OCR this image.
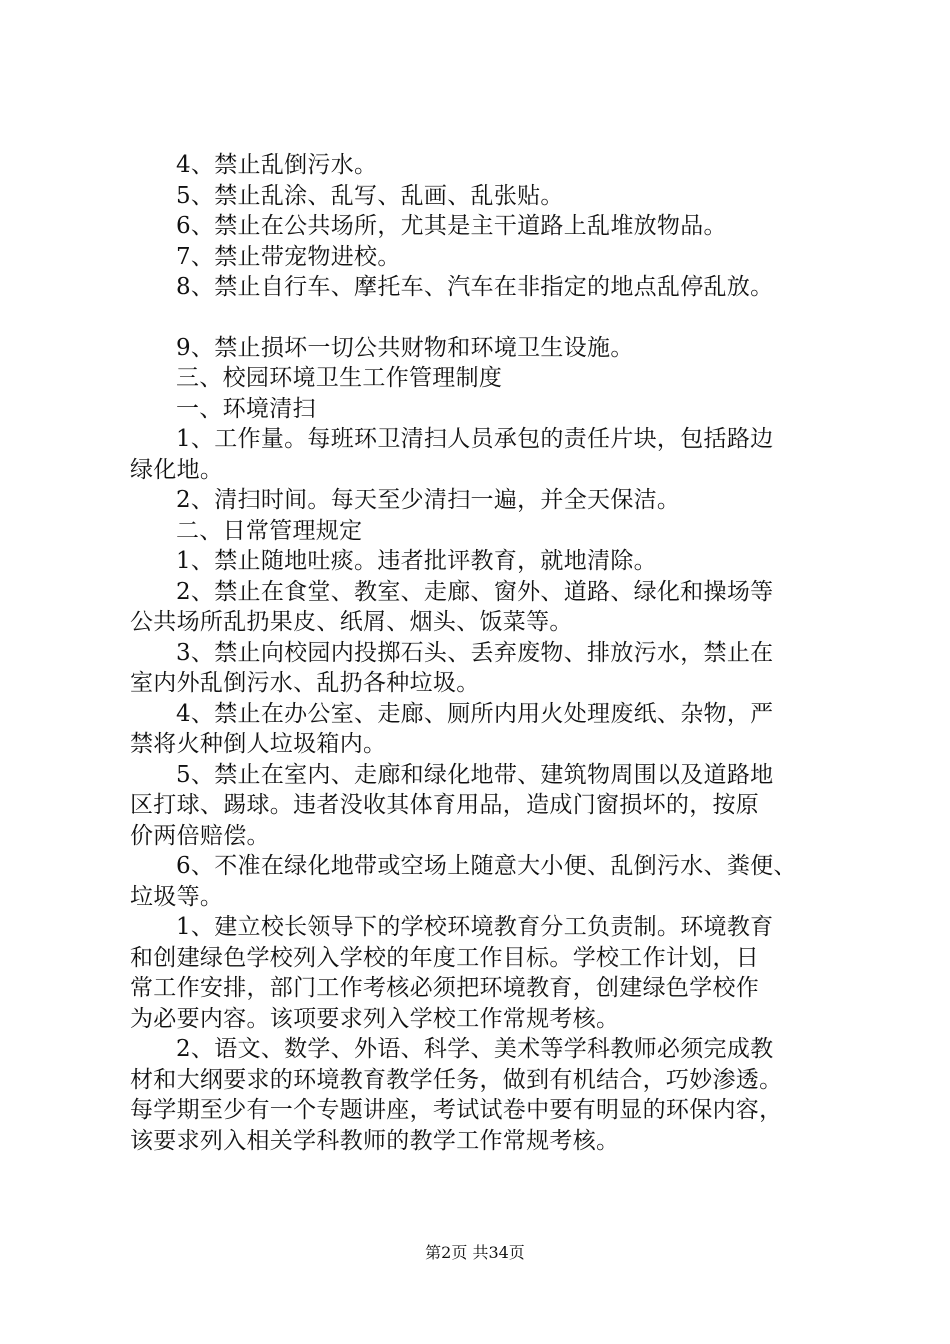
4、禁止乱倒污水。
5、禁止乱涂、乱写、乱画、乱张贴。
6、禁止在公共场所，尤其是主干道路上乱堆放物品。
7、禁止带宠物进校。
8、禁止自行车、摩托车、汽车在非指定的地点乱停乱放。
9、禁止损坏一切公共财物和环境卫生设施。
三、校园环境卫生工作管理制度
一、环境清扫
1、工作量。每班环卫清扫人员承包的责任片块，包括路边
绿化地。
2、清扫时间。每天至少清扫一遍，并全天保洁。
二、日常管理规定
1、禁止随地吐痰。违者批评教育，就地清除。
2、禁止在食堂、教室、走廊、窗外、道路、绿化和操场等
公共场所乱扔果皮、纸屑、烟头、饭菜等。
3、禁止向校园内投掷石头、丢弃废物、排放污水，禁止在
室内外乱倒污水、乱扔各种垃圾。
4、禁止在办公室、走廊、厕所内用火处理废纸、杂物，严
禁将火种倒人垃圾箱内。
5、禁止在室内、走廊和绿化地带、建筑物周围以及道路地
区打球、踢球。违者没收其体育用品，造成门窗损坏的，按原
价两倍赔偿。
6、不准在绿化地带或空场上随意大小便、乱倒污水、粪便、
垃圾等。
1、建立校长领导下的学校环境教育分工负责制。环境教育
和创建绿色学校列入学校的年度工作目标。学校工作计划，日
常工作安排，部门工作考核必须把环境教育，创建绿色学校作
为必要内容。该项要求列入学校工作常规考核。
2、语文、数学、外语、科学、美术等学科教师必须完成教
材和大纲要求的环境教育教学任务，做到有机结合，巧妙渗透。
每学期至少有一个专题讲座，考试试卷中要有明显的环保内容，
该要求列入相关学科教师的教学工作常规考核。
第2页 共34页
